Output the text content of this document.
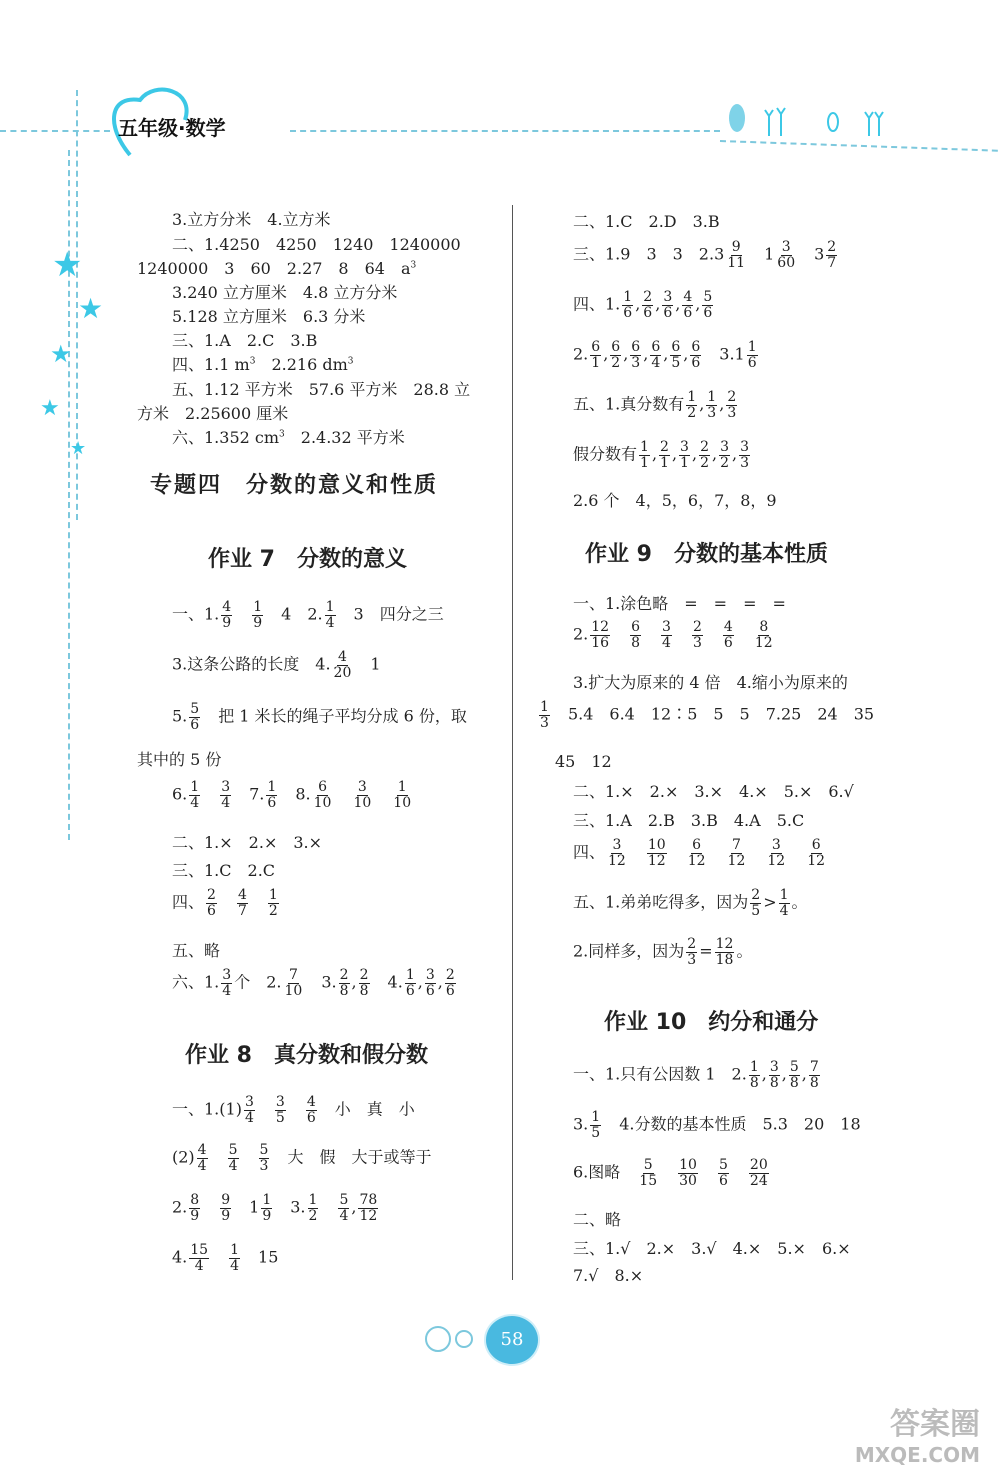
五年级·数学
★
★
★
★
★
3.立方分米　4.立方米
二、1.4250　4250　1240　1240000
1240000　3　60　2.27　8　64　$a^3$
3.240 立方厘米　4.8 立方分米
5.128 立方厘米　6.3 分米
三、1.A　2.C　3.B
四、1.1 $m^3$　2.216 $dm^3$
五、1.12 平方米　57.6 平方米　28.8 立
方米　2.25600 厘米
六、1.352 $cm^3$　2.4.32 平方米
专题四　分数的意义和性质
作业 7　分数的意义
一、1. $\frac{4}{9}$
　 $\frac{1}{9}$ 　4　2. $\frac{1}{4}$ 　3　四分之三
3.这条公路的长度　4. $\frac{4}{20}$ 　1
5. $\frac{5}{6}$
　 把 1 米长的绳子平均分成 6 份，取
其中的 5 份
6. $\frac{1}{4}$
　 $\frac{3}{4}$ 　7. $\frac{1}{6}$ 　8. $\frac{6}{10}$
　 $\frac{3}{10}$
　 $\frac{1}{10}$
二、1.×　2.×　3.×
三、1.C　2.C
四、 $\frac{2}{6}$
　 $\frac{4}{7}$
　 $\frac{1}{2}$
五、略
六、1. $\frac{3}{4}$ 个　2. $\frac{7}{10}$ 　3. $\frac{2}{8}$ , $\frac{2}{8}$ 　4. $\frac{1}{6}$ , $\frac{3}{6}$ , $\frac{2}{6}$
作业 8　真分数和假分数
一、$1.(1) \frac{3}{4}$
　 $\frac{3}{5}$
　 $\frac{4}{6}$
　 小　真　小
$(2) \frac{4}{4}$
　 $\frac{5}{4}$
　 $\frac{5}{3}$
　 大　假　大于或等于
2. $\frac{8}{9}$
　 $\frac{9}{9}$ 　$1 \frac{1}{9}$ 　3. $\frac{1}{2}$
　 $\frac{5}{4}$ , $\frac{78}{12}$
4. $\frac{15}{4}$
　 $\frac{1}{4}$ 　15
二、1.C　2.D　3.B
三、1.9　3　3　$2.3 \frac{9}{11}$ 　$1 \frac{3}{60}$ 　$3 \frac{2}{7}$
四、1. $\frac{1}{6}$ , $\frac{2}{6}$ , $\frac{3}{6}$ , $\frac{4}{6}$ , $\frac{5}{6}$
2. $\frac{6}{1}$ , $\frac{6}{2}$ , $\frac{6}{3}$ , $\frac{6}{4}$ , $\frac{6}{5}$ , $\frac{6}{6}$ 　$3.1 \frac{1}{6}$
五、1.真分数有 $\frac{1}{2}$ , $\frac{1}{3}$ , $\frac{2}{3}$
假分数有 $\frac{1}{1}$ , $\frac{2}{1}$ , $\frac{3}{1}$ , $\frac{2}{2}$ , $\frac{3}{2}$ , $\frac{3}{3}$
2.6 个　4，5，6，7，8，9
作业 9　分数的基本性质
一、1.涂色略　=　=　=　=
2. $\frac{12}{16}$
　 $\frac{6}{8}$
　 $\frac{3}{4}$
　 $\frac{2}{3}$
　 $\frac{4}{6}$
　 $\frac{8}{12}$
3.扩大为原来的 4 倍　4.缩小为原来的
$\frac{1}{3}$
　 5.4　6.4　12∶5　5　5　7.25　24　35
45　12
二、1.×　2.×　3.×　4.×　5.×　6.√
三、1.A　2.B　3.B　4.A　5.C
四、 $\frac{3}{12}$
　 $\frac{10}{12}$
　 $\frac{6}{12}$
　 $\frac{7}{12}$
　 $\frac{3}{12}$
　 $\frac{6}{12}$
五、1.弟弟吃得多，因为 $\frac{2}{5} > \frac{1}{4}$ 。
2.同样多，因为 $\frac{2}{3} = \frac{12}{18}$ 。
作业 10　约分和通分
一、1.只有公因数 1　2. $\frac{1}{8}$ , $\frac{3}{8}$ , $\frac{5}{8}$ , $\frac{7}{8}$
3. $\frac{1}{5}$
　 4.分数的基本性质　5.3　20　18
6.图略　 $\frac{5}{15}$
　 $\frac{10}{30}$
　 $\frac{5}{6}$
　 $\frac{20}{24}$
二、略
三、1.√　2.×　3.√　4.×　5.×　6.×
7.√　8.×
58
答案圈
MXQE.COM
